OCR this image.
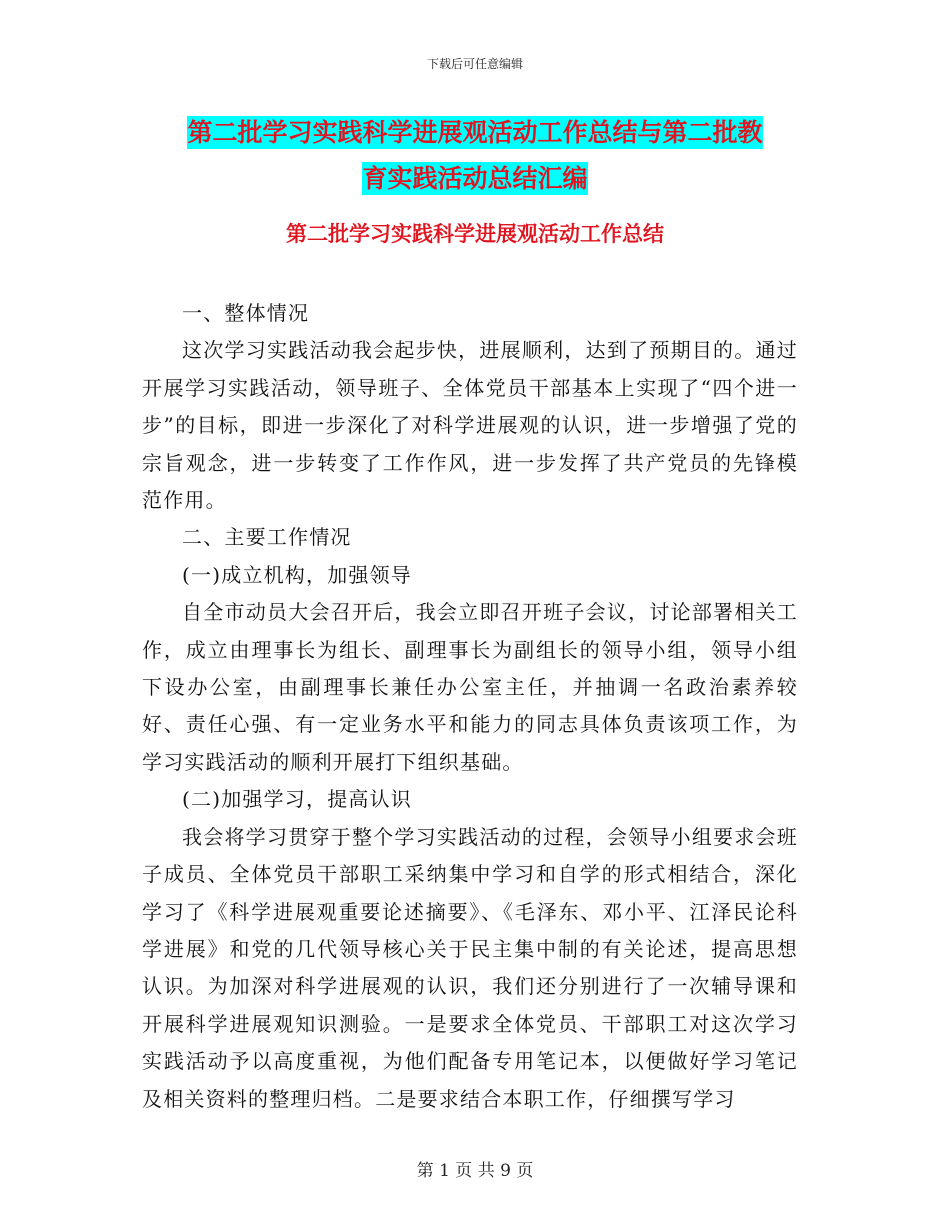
下载后可任意编辑
第二批学习实践科学进展观活动工作总结与第二批教
育实践活动总结汇编
第二批学习实践科学进展观活动工作总结

一、整体情况

这次学习实践活动我会起步快，进展顺利，达到了预期目的。通过开展学习实践活动，领导班子、全体党员干部基本上实现了“四个进一步”的目标，即进一步深化了对科学进展观的认识，进一步增强了党的宗旨观念，进一步转变了工作作风，进一步发挥了共产党员的先锋模范作用。

二、主要工作情况

(一)成立机构，加强领导

自全市动员大会召开后，我会立即召开班子会议，讨论部署相关工作，成立由理事长为组长、副理事长为副组长的领导小组，领导小组下设办公室，由副理事长兼任办公室主任，并抽调一名政治素养较好、责任心强、有一定业务水平和能力的同志具体负责该项工作，为学习实践活动的顺利开展打下组织基础。

(二)加强学习，提高认识

我会将学习贯穿于整个学习实践活动的过程，会领导小组要求会班子成员、全体党员干部职工采纳集中学习和自学的形式相结合，深化学习了《科学进展观重要论述摘要》、《毛泽东、邓小平、江泽民论科学进展》和党的几代领导核心关于民主集中制的有关论述，提高思想认识。为加深对科学进展观的认识，我们还分别进行了一次辅导课和开展科学进展观知识测验。一是要求全体党员、干部职工对这次学习实践活动予以高度重视，为他们配备专用笔记本，以便做好学习笔记及相关资料的整理归档。二是要求结合本职工作，仔细撰写学习

第 1 页 共 9 页
